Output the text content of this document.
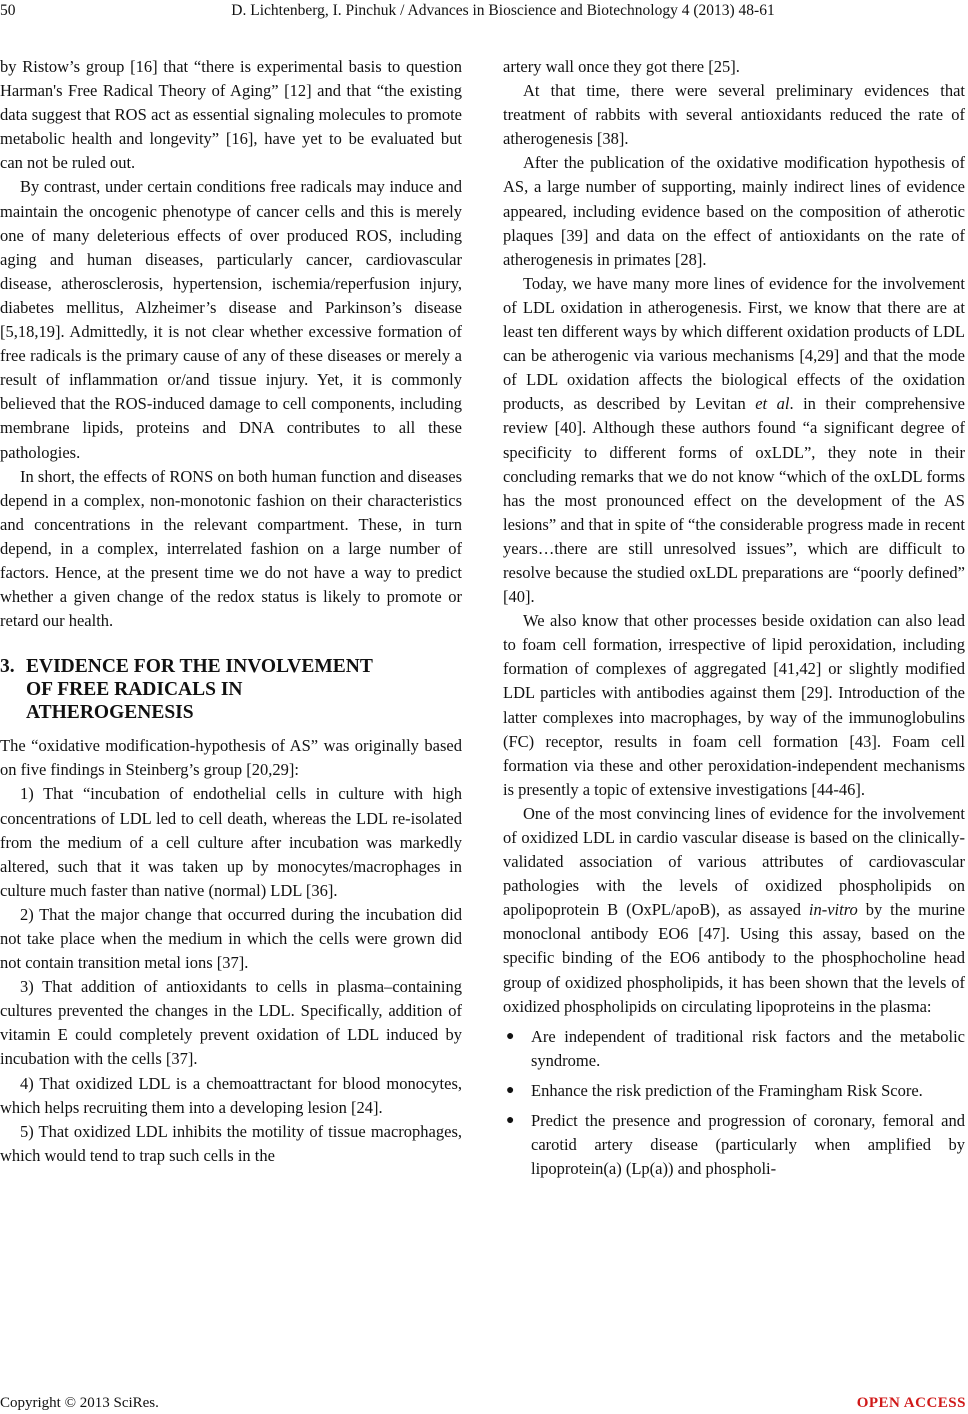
50	D. Lichtenberg, I. Pinchuk / Advances in Bioscience and Biotechnology 4 (2013) 48-61

by Ristow’s group [16] that “there is experimental basis to question Harman's Free Radical Theory of Aging” [12] and that “the existing data suggest that ROS act as essential signaling molecules to promote metabolic health and longevity” [16], have yet to be evaluated but can not be ruled out.

By contrast, under certain conditions free radicals may induce and maintain the oncogenic phenotype of cancer cells and this is merely one of many deleterious effects of over produced ROS, including aging and human diseases, particularly cancer, cardiovascular disease, atherosclerosis, hypertension, ischemia/reperfusion injury, diabetes mellitus, Alzheimer’s disease and Parkinson’s disease [5,18,19]. Admittedly, it is not clear whether excessive formation of free radicals is the primary cause of any of these diseases or merely a result of inflammation or/and tissue injury. Yet, it is commonly believed that the ROS-induced damage to cell components, including membrane lipids, proteins and DNA contributes to all these pathologies.

In short, the effects of RONS on both human function and diseases depend in a complex, non-monotonic fashion on their characteristics and concentrations in the relevant compartment. These, in turn depend, in a complex, interrelated fashion on a large number of factors. Hence, at the present time we do not have a way to predict whether a given change of the redox status is likely to promote or retard our health.

3. EVIDENCE FOR THE INVOLVEMENT
OF FREE RADICALS IN
ATHEROGENESIS

The “oxidative modification-hypothesis of AS” was originally based on five findings in Steinberg’s group [20,29]:

1) That “incubation of endothelial cells in culture with high concentrations of LDL led to cell death, whereas the LDL re-isolated from the medium of a cell culture after incubation was markedly altered, such that it was taken up by monocytes/macrophages in culture much faster than native (normal) LDL [36].

2) That the major change that occurred during the incubation did not take place when the medium in which the cells were grown did not contain transition metal ions [37].

3) That addition of antioxidants to cells in plasma–containing cultures prevented the changes in the LDL. Specifically, addition of vitamin E could completely prevent oxidation of LDL induced by incubation with the cells [37].

4) That oxidized LDL is a chemoattractant for blood monocytes, which helps recruiting them into a developing lesion [24].

5) That oxidized LDL inhibits the motility of tissue macrophages, which would tend to trap such cells in the

artery wall once they got there [25].

At that time, there were several preliminary evidences that treatment of rabbits with several antioxidants reduced the rate of atherogenesis [38].

After the publication of the oxidative modification hypothesis of AS, a large number of supporting, mainly indirect lines of evidence appeared, including evidence based on the composition of atherotic plaques [39] and data on the effect of antioxidants on the rate of atherogenesis in primates [28].

Today, we have many more lines of evidence for the involvement of LDL oxidation in atherogenesis. First, we know that there are at least ten different ways by which different oxidation products of LDL can be atherogenic via various mechanisms [4,29] and that the mode of LDL oxidation affects the biological effects of the oxidation products, as described by Levitan et al. in their comprehensive review [40]. Although these authors found “a significant degree of specificity to different forms of oxLDL”, they note in their concluding remarks that we do not know “which of the oxLDL forms has the most pronounced effect on the development of the AS lesions” and that in spite of “the considerable progress made in recent years…there are still unresolved issues”, which are difficult to resolve because the studied oxLDL preparations are “poorly defined” [40].

We also know that other processes beside oxidation can also lead to foam cell formation, irrespective of lipid peroxidation, including formation of complexes of aggregated [41,42] or slightly modified LDL particles with antibodies against them [29]. Introduction of the latter complexes into macrophages, by way of the immunoglobulins (FC) receptor, results in foam cell formation [43]. Foam cell formation via these and other peroxidation-independent mechanisms is presently a topic of extensive investigations [44-46].

One of the most convincing lines of evidence for the involvement of oxidized LDL in cardio vascular disease is based on the clinically-validated association of various attributes of cardiovascular pathologies with the levels of oxidized phospholipids on apolipoprotein B (OxPL/apoB), as assayed in-vitro by the murine monoclonal antibody EO6 [47]. Using this assay, based on the specific binding of the EO6 antibody to the phosphocholine head group of oxidized phospholipids, it has been shown that the levels of oxidized phospholipids on circulating lipoproteins in the plasma:

● Are independent of traditional risk factors and the metabolic syndrome.
● Enhance the risk prediction of the Framingham Risk Score.
● Predict the presence and progression of coronary, femoral and carotid artery disease (particularly when amplified by lipoprotein(a) (Lp(a)) and phospholi-
Copyright © 2013 SciRes.	OPEN ACCESS
